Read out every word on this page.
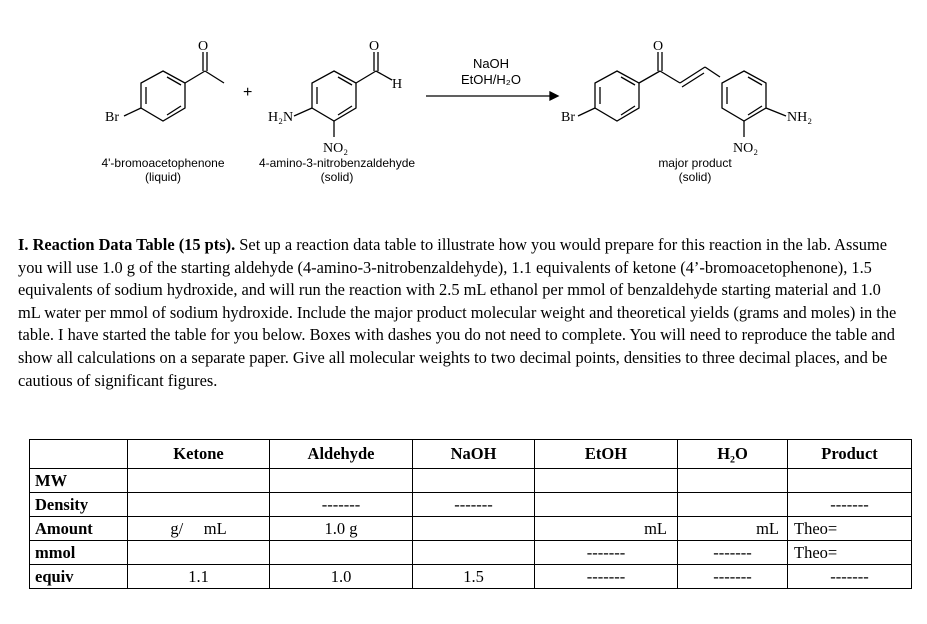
O
Br
O
H
H₂N
NO₂
O
Br	NH₂
NO₂
+
NaOH
EtOH/H₂O
4'-bromoacetophenone
(liquid)
4-amino-3-nitrobenzaldehyde
(solid)
major product
(solid)
I. Reaction Data Table (15 pts). Set up a reaction data table to illustrate how you would prepare for this reaction in the lab. Assume you will use 1.0 g of the starting aldehyde (4-amino-3-nitrobenzaldehyde), 1.1 equivalents of ketone (4’-bromoacetophenone), 1.5 equivalents of sodium hydroxide, and will run the reaction with 2.5 mL ethanol per mmol of benzaldehyde starting material and 1.0 mL water per mmol of sodium hydroxide. Include the major product molecular weight and theoretical yields (grams and moles) in the table. I have started the table for you below. Boxes with dashes you do not need to complete. You will need to reproduce the table and show all calculations on a separate paper. Give all molecular weights to two decimal points, densities to three decimal places, and be cautious of significant figures.
	Ketone	Aldehyde	NaOH	EtOH	H₂O	Product
MW						
Density		-------	-------			-------
Amount	g/     mL	1.0 g		mL	mL	Theo=
mmol				-------	-------	Theo=
equiv	1.1	1.0	1.5	-------	-------	-------
